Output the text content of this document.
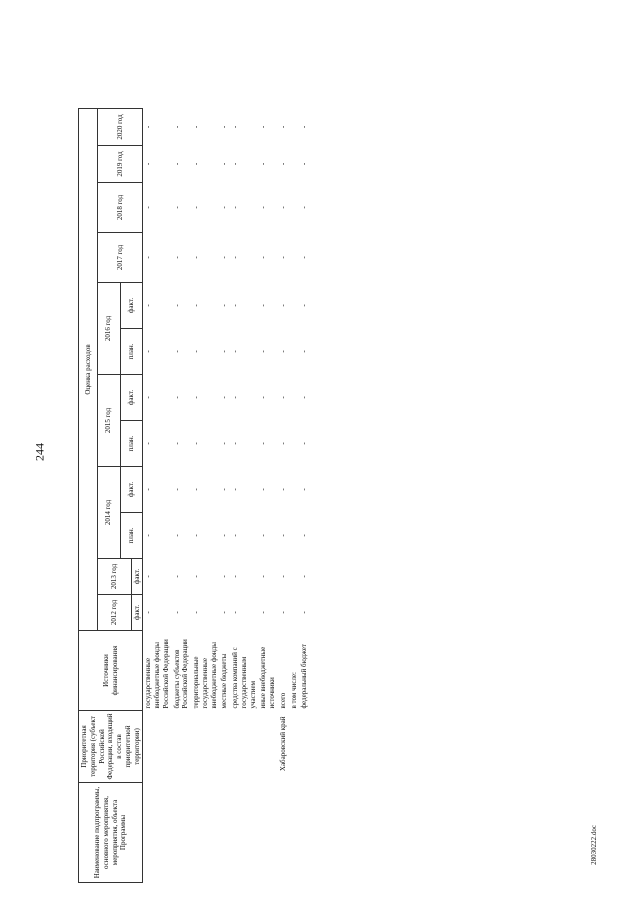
244
28030222.doc
Наименование подпрограммы, основного мероприятия, мероприятия, объекта Программы	Приоритетная территория (субъект Российской Федерации, входящий в состав приоритетной территории)	Источники финансирования	Оценка расходов											
			2012 год	2013 год	2014 год		2015 год		2016 год		2017 год	2018 год	2019 год	2020 год
					план.	факт.	план.	факт.	план.	факт.				
			факт.	факт.										
		государственные внебюджетные фонды Российской Федерации	-	-	-	-	-	-	-	-	-	-	-	-
		бюджеты субъектов Российской Федерации	-	-	-	-	-	-	-	-	-	-	-	-
		территориальные государственные внебюджетные фонды	-	-	-	-	-	-	-	-	-	-	-	-
		местные бюджеты	-	-	-	-	-	-	-	-	-	-	-	-
		средства компаний с государственным участием	-	-	-	-	-	-	-	-	-	-	-	-
		иные внебюджетные источники	-	-	-	-	-	-	-	-	-	-	-	-
	Хабаровский край	всего	-	-	-	-	-	-	-	-	-	-	-	-
		в том числе:												
		федеральный бюджет	-	-	-	-	-	-	-	-	-	-	-	-
